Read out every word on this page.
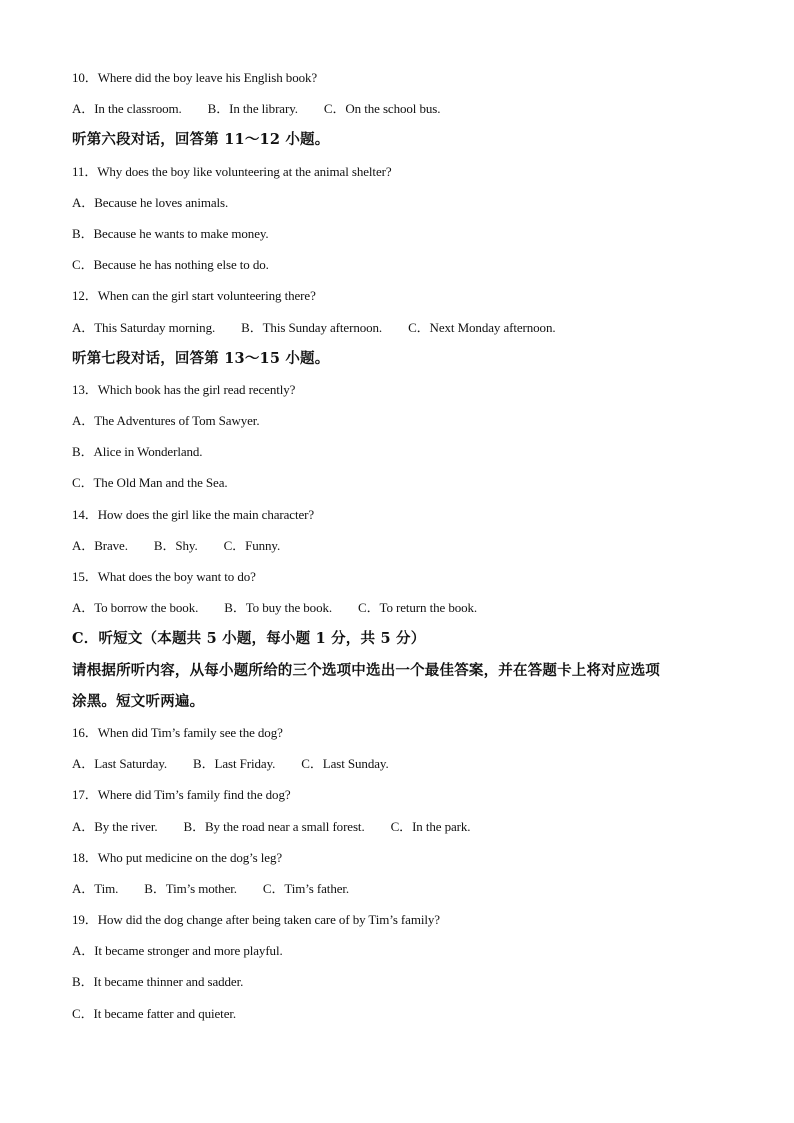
10．Where did the boy leave his English book?
A．In the classroom. B．In the library. C．On the school bus.
听第六段对话，回答第 11～12 小题。
11．Why does the boy like volunteering at the animal shelter?
A．Because he loves animals.
B．Because he wants to make money.
C．Because he has nothing else to do.
12．When can the girl start volunteering there?
A．This Saturday morning. B．This Sunday afternoon. C．Next Monday afternoon.
听第七段对话，回答第 13～15 小题。
13．Which book has the girl read recently?
A．The Adventures of Tom Sawyer.
B．Alice in Wonderland.
C．The Old Man and the Sea.
14．How does the girl like the main character?
A．Brave. B．Shy. C．Funny.
15．What does the boy want to do?
A．To borrow the book. B．To buy the book. C．To return the book.
C．听短文（本题共 5 小题，每小题 1 分，共 5 分）
请根据所听内容，从每小题所给的三个选项中选出一个最佳答案，并在答题卡上将对应选项
涂黑。短文听两遍。
16．When did Tim’s family see the dog?
A．Last Saturday. B．Last Friday. C．Last Sunday.
17．Where did Tim’s family find the dog?
A．By the river. B．By the road near a small forest. C．In the park.
18．Who put medicine on the dog’s leg?
A．Tim. B．Tim’s mother. C．Tim’s father.
19．How did the dog change after being taken care of by Tim’s family?
A．It became stronger and more playful.
B．It became thinner and sadder.
C．It became fatter and quieter.
